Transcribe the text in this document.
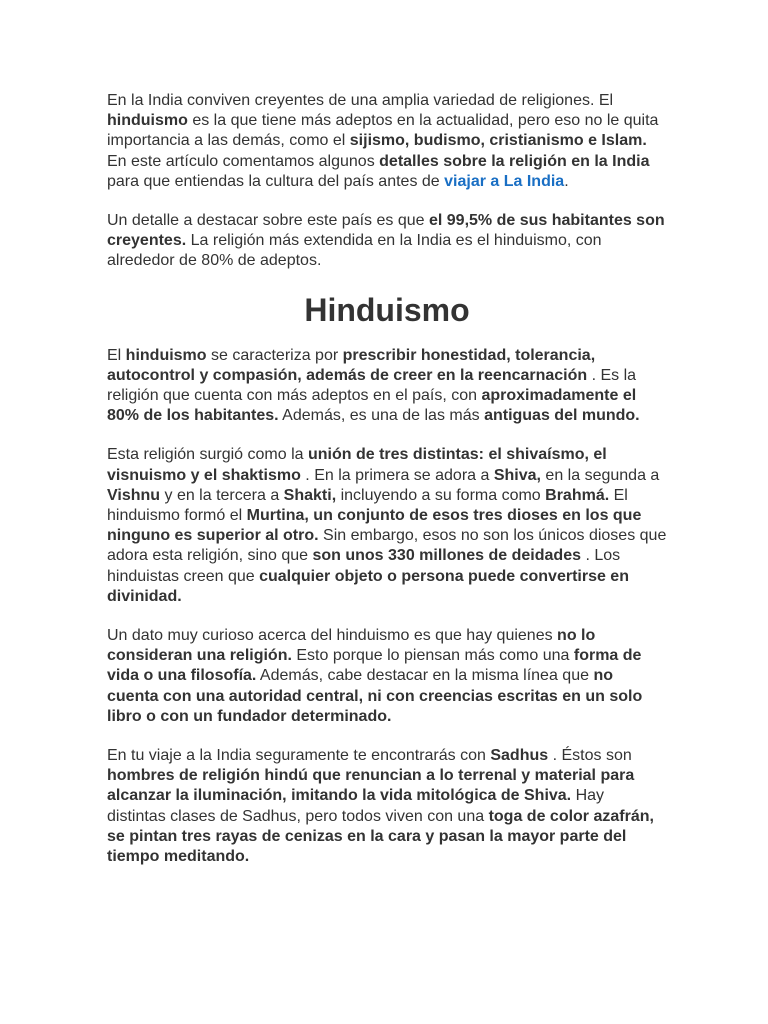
En la India conviven creyentes de una amplia variedad de religiones. El hinduismo es la que tiene más adeptos en la actualidad, pero eso no le quita importancia a las demás, como el sijismo, budismo, cristianismo e Islam. En este artículo comentamos algunos detalles sobre la religión en la India para que entiendas la cultura del país antes de viajar a La India.

Un detalle a destacar sobre este país es que el 99,5% de sus habitantes son creyentes. La religión más extendida en la India es el hinduismo, con alrededor de 80% de adeptos.

Hinduismo

El hinduismo se caracteriza por prescribir honestidad, tolerancia, autocontrol y compasión, además de creer en la reencarnación . Es la religión que cuenta con más adeptos en el país, con aproximadamente el 80% de los habitantes. Además, es una de las más antiguas del mundo.

Esta religión surgió como la unión de tres distintas: el shivaísmo, el visnuismo y el shaktismo . En la primera se adora a Shiva, en la segunda a Vishnu y en la tercera a Shakti, incluyendo a su forma como Brahmá. El hinduismo formó el Murtina, un conjunto de esos tres dioses en los que ninguno es superior al otro. Sin embargo, esos no son los únicos dioses que adora esta religión, sino que son unos 330 millones de deidades . Los hinduistas creen que cualquier objeto o persona puede convertirse en divinidad.

Un dato muy curioso acerca del hinduismo es que hay quienes no lo consideran una religión. Esto porque lo piensan más como una forma de vida o una filosofía. Además, cabe destacar en la misma línea que no cuenta con una autoridad central, ni con creencias escritas en un solo libro o con un fundador determinado.

En tu viaje a la India seguramente te encontrarás con Sadhus . Éstos son hombres de religión hindú que renuncian a lo terrenal y material para alcanzar la iluminación, imitando la vida mitológica de Shiva. Hay distintas clases de Sadhus, pero todos viven con una toga de color azafrán, se pintan tres rayas de cenizas en la cara y pasan la mayor parte del tiempo meditando.
